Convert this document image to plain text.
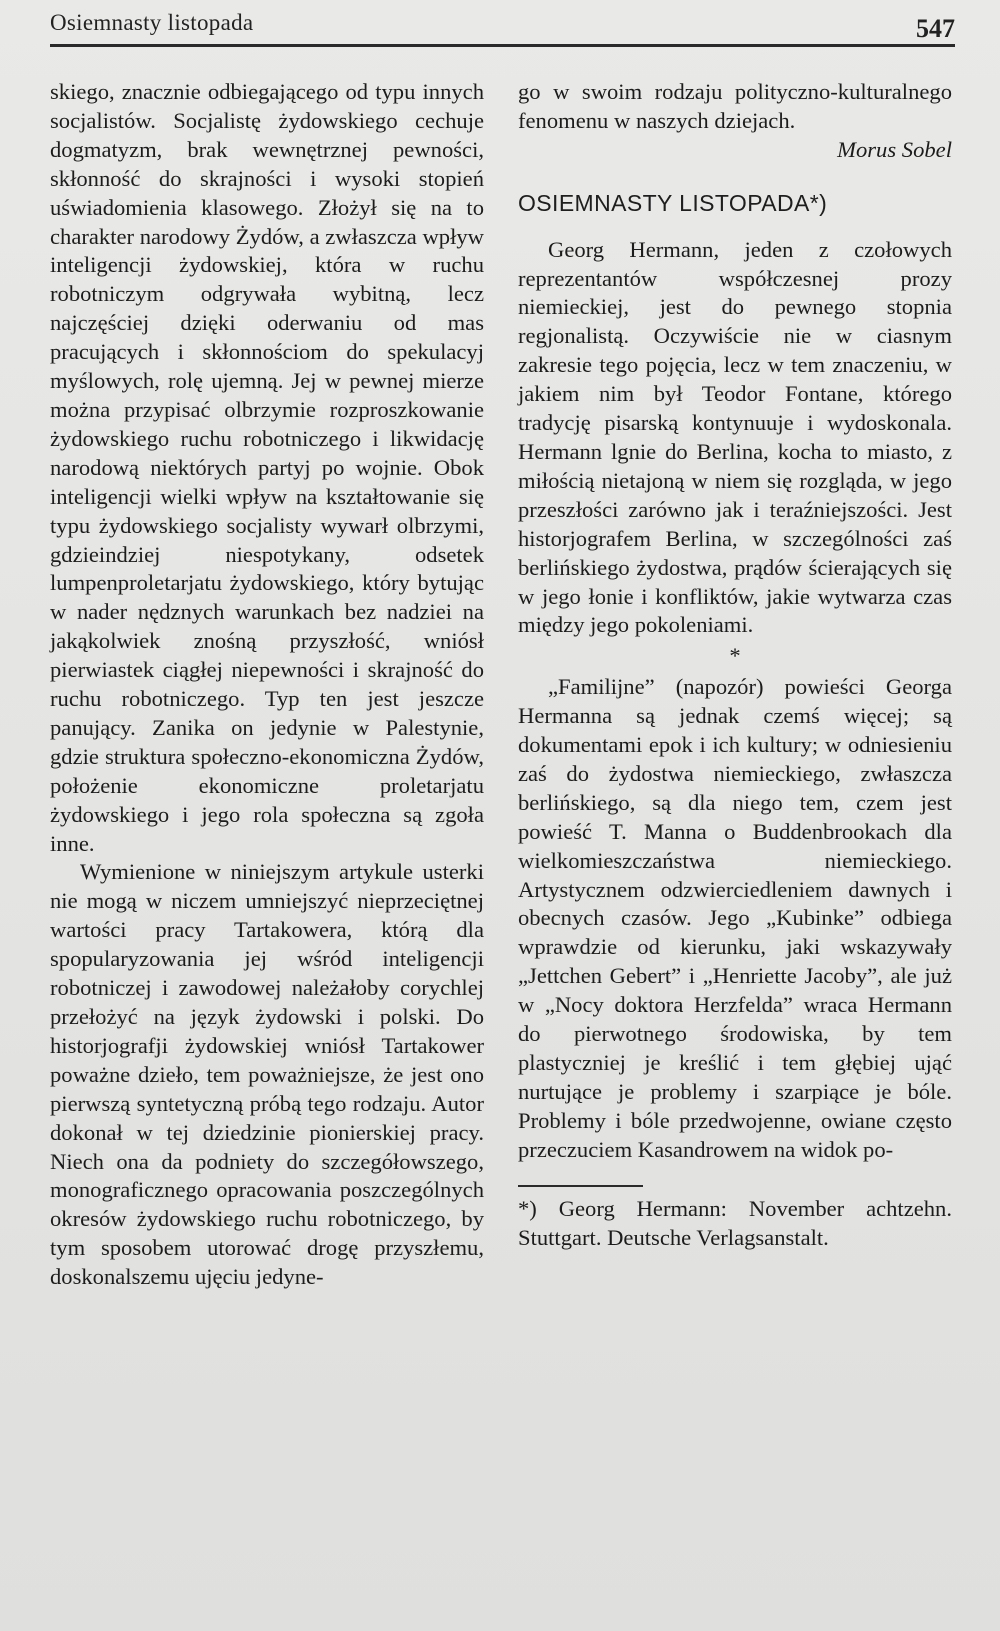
Osiemnasty listopada	547

skiego, znacznie odbiegającego od typu innych socjalistów. Socjalistę żydowskiego cechuje dogmatyzm, brak wewnętrznej pewności, skłonność do skrajności i wysoki stopień uświadomienia klasowego. Złożył się na to charakter narodowy Żydów, a zwłaszcza wpływ inteligencji żydowskiej, która w ruchu robotniczym odgrywała wybitną, lecz najczęściej dzięki oderwaniu od mas pracujących i skłonnościom do spekulacyj myślowych, rolę ujemną. Jej w pewnej mierze można przypisać olbrzymie rozproszkowanie żydowskiego ruchu robotniczego i likwidację narodową niektórych partyj po wojnie. Obok inteligencji wielki wpływ na kształtowanie się typu żydowskiego socjalisty wywarł olbrzymi, gdzieindziej niespotykany, odsetek lumpenproletarjatu żydowskiego, który bytując w nader nędznych warunkach bez nadziei na jakąkolwiek znośną przyszłość, wniósł pierwiastek ciągłej niepewności i skrajność do ruchu robotniczego. Typ ten jest jeszcze panujący. Zanika on jedynie w Palestynie, gdzie struktura społeczno-ekonomiczna Żydów, położenie ekonomiczne proletarjatu żydowskiego i jego rola społeczna są zgoła inne.

Wymienione w niniejszym artykule usterki nie mogą w niczem umniejszyć nieprzeciętnej wartości pracy Tartakowera, którą dla spopularyzowania jej wśród inteligencji robotniczej i zawodowej należałoby corychlej przełożyć na język żydowski i polski. Do historjografji żydowskiej wniósł Tartakower poważne dzieło, tem poważniejsze, że jest ono pierwszą syntetyczną próbą tego rodzaju. Autor dokonał w tej dziedzinie pionierskiej pracy. Niech ona da podniety do szczegółowszego, monograficznego opracowania poszczególnych okresów żydowskiego ruchu robotniczego, by tym sposobem utorować drogę przyszłemu, doskonalszemu ujęciu jedyne-

go w swoim rodzaju polityczno-kulturalnego fenomenu w naszych dziejach.

Morus Sobel

OSIEMNASTY LISTOPADA*)

Georg Hermann, jeden z czołowych reprezentantów współczesnej prozy niemieckiej, jest do pewnego stopnia regjonalistą. Oczywiście nie w ciasnym zakresie tego pojęcia, lecz w tem znaczeniu, w jakiem nim był Teodor Fontane, którego tradycję pisarską kontynuuje i wydoskonala. Hermann lgnie do Berlina, kocha to miasto, z miłością nietajoną w niem się rozgląda, w jego przeszłości zarówno jak i teraźniejszości. Jest historjografem Berlina, w szczególności zaś berlińskiego żydostwa, prądów ścierających się w jego łonie i konfliktów, jakie wytwarza czas między jego pokoleniami.

*

„Familijne” (napozór) powieści Georga Hermanna są jednak czemś więcej; są dokumentami epok i ich kultury; w odniesieniu zaś do żydostwa niemieckiego, zwłaszcza berlińskiego, są dla niego tem, czem jest powieść T. Manna o Buddenbrookach dla wielkomieszczaństwa niemieckiego. Artystycznem odzwierciedleniem dawnych i obecnych czasów. Jego „Kubinke” odbiega wprawdzie od kierunku, jaki wskazywały „Jettchen Gebert” i „Henriette Jacoby”, ale już w „Nocy doktora Herzfelda” wraca Hermann do pierwotnego środowiska, by tem plastyczniej je kreślić i tem głębiej ująć nurtujące je problemy i szarpiące je bóle. Problemy i bóle przedwojenne, owiane często przeczuciem Kasandrowem na widok po-

*) Georg Hermann: November achtzehn. Stuttgart. Deutsche Verlagsanstalt.
